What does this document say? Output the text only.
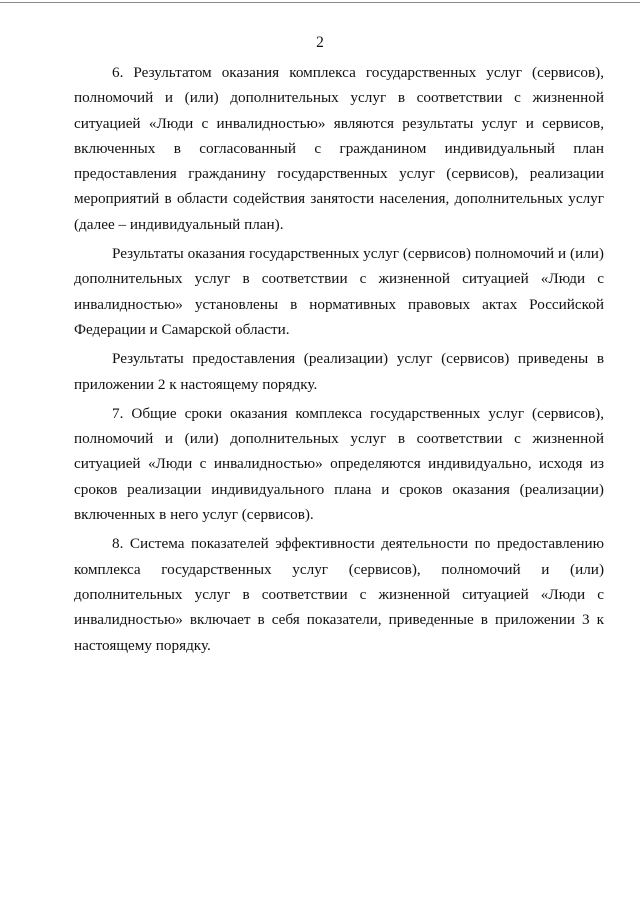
2

6. Результатом оказания комплекса государственных услуг (сервисов), полномочий и (или) дополнительных услуг в соответствии с жизненной ситуацией «Люди с инвалидностью» являются результаты услуг и сервисов, включенных в согласованный с гражданином индивидуальный план предоставления гражданину государственных услуг (сервисов), реализации мероприятий в области содействия занятости населения, дополнительных услуг (далее – индивидуальный план).

Результаты оказания государственных услуг (сервисов) полномочий и (или) дополнительных услуг в соответствии с жизненной ситуацией «Люди с инвалидностью» установлены в нормативных правовых актах Российской Федерации и Самарской области.

Результаты предоставления (реализации) услуг (сервисов) приведены в приложении 2 к настоящему порядку.

7. Общие сроки оказания комплекса государственных услуг (сервисов), полномочий и (или) дополнительных услуг в соответствии с жизненной ситуацией «Люди с инвалидностью» определяются индивидуально, исходя из сроков реализации индивидуального плана и сроков оказания (реализации) включенных в него услуг (сервисов).

8. Система показателей эффективности деятельности по предоставлению комплекса государственных услуг (сервисов), полномочий и (или) дополнительных услуг в соответствии с жизненной ситуацией «Люди с инвалидностью» включает в себя показатели, приведенные в приложении 3 к настоящему порядку.
